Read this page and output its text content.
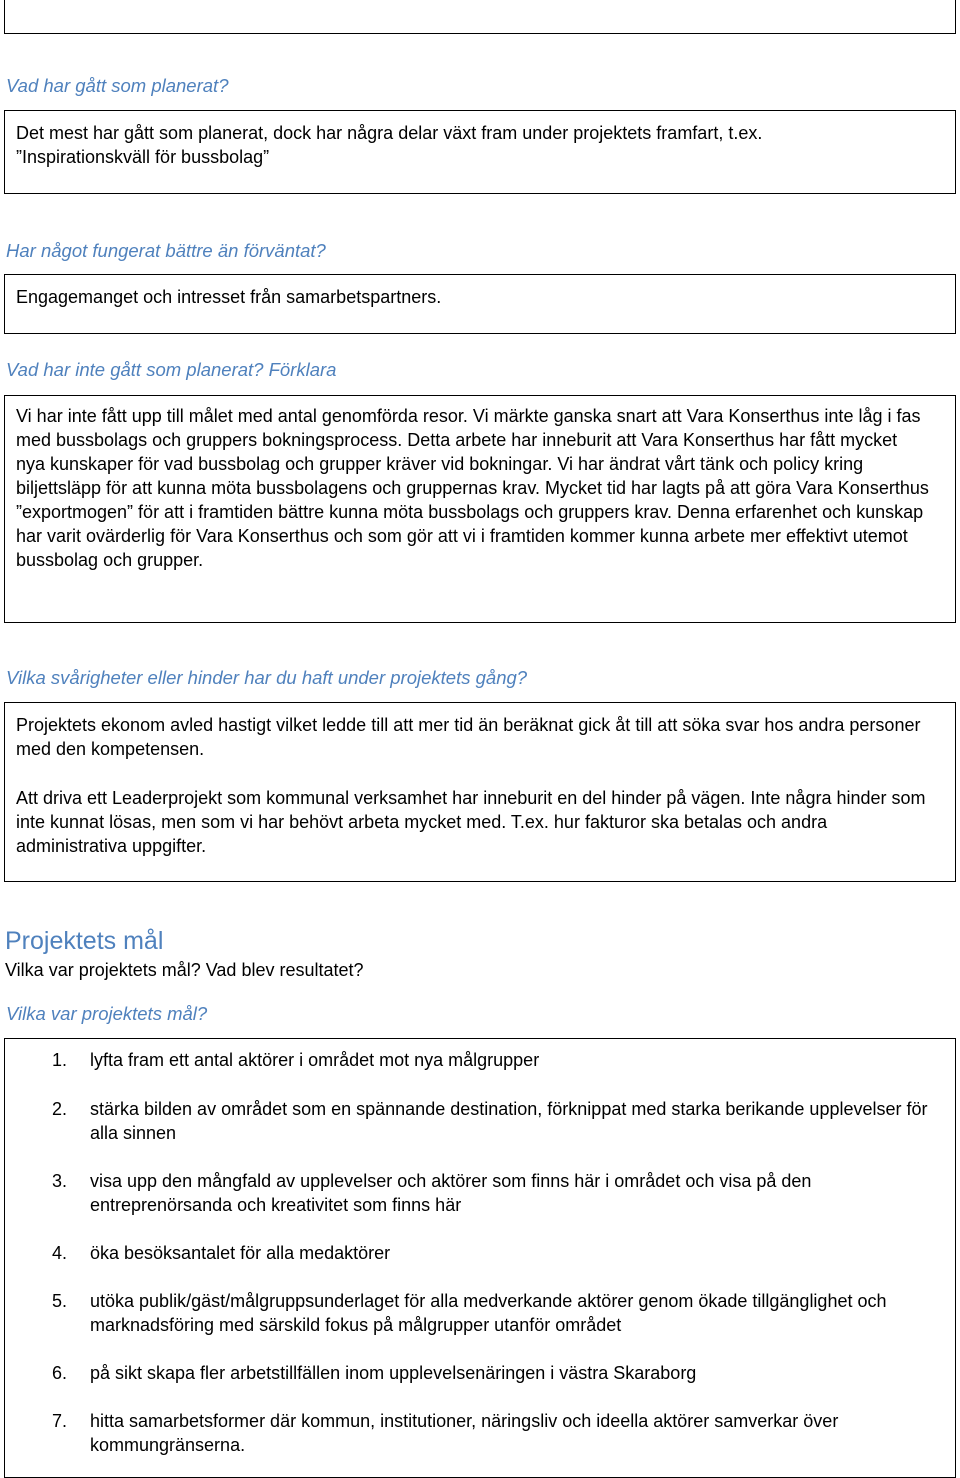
Vad har gått som planerat?

Det mest har gått som planerat, dock har några delar växt fram under projektets framfart, t.ex. ”Inspirationskväll för bussbolag”

Har något fungerat bättre än förväntat?

Engagemanget och intresset från samarbetspartners.

Vad har inte gått som planerat? Förklara

Vi har inte fått upp till målet med antal genomförda resor. Vi märkte ganska snart att Vara Konserthus inte låg i fas med bussbolags och gruppers bokningsprocess. Detta arbete har inneburit att Vara Konserthus har fått mycket nya kunskaper för vad bussbolag och grupper kräver vid bokningar. Vi har ändrat vårt tänk och policy kring biljettsläpp för att kunna möta bussbolagens och gruppernas krav. Mycket tid har lagts på att göra Vara Konserthus ”exportmogen” för att i framtiden bättre kunna möta bussbolags och gruppers krav. Denna erfarenhet och kunskap har varit ovärderlig för Vara Konserthus och som gör att vi i framtiden kommer kunna arbete mer effektivt utemot bussbolag och grupper.

Vilka svårigheter eller hinder har du haft under projektets gång?

Projektets ekonom avled hastigt vilket ledde till att mer tid än beräknat gick åt till att söka svar hos andra personer med den kompetensen.

Att driva ett Leaderprojekt som kommunal verksamhet har inneburit en del hinder på vägen. Inte några hinder som inte kunnat lösas, men som vi har behövt arbeta mycket med. T.ex. hur fakturor ska betalas och andra administrativa uppgifter.

Projektets mål

Vilka var projektets mål? Vad blev resultatet?

Vilka var projektets mål?
1. lyfta fram ett antal aktörer i området mot nya målgrupper
2. stärka bilden av området som en spännande destination, förknippat med starka berikande upplevelser för alla sinnen
3. visa upp den mångfald av upplevelser och aktörer som finns här i området och visa på den entreprenörsanda och kreativitet som finns här
4. öka besöksantalet för alla medaktörer
5. utöka publik/gäst/målgruppsunderlaget för alla medverkande aktörer genom ökade tillgänglighet och marknadsföring med särskild fokus på målgrupper utanför området
6. på sikt skapa fler arbetstillfällen inom upplevelsenäringen i västra Skaraborg
7. hitta samarbetsformer där kommun, institutioner, näringsliv och ideella aktörer samverkar över kommungränserna.
